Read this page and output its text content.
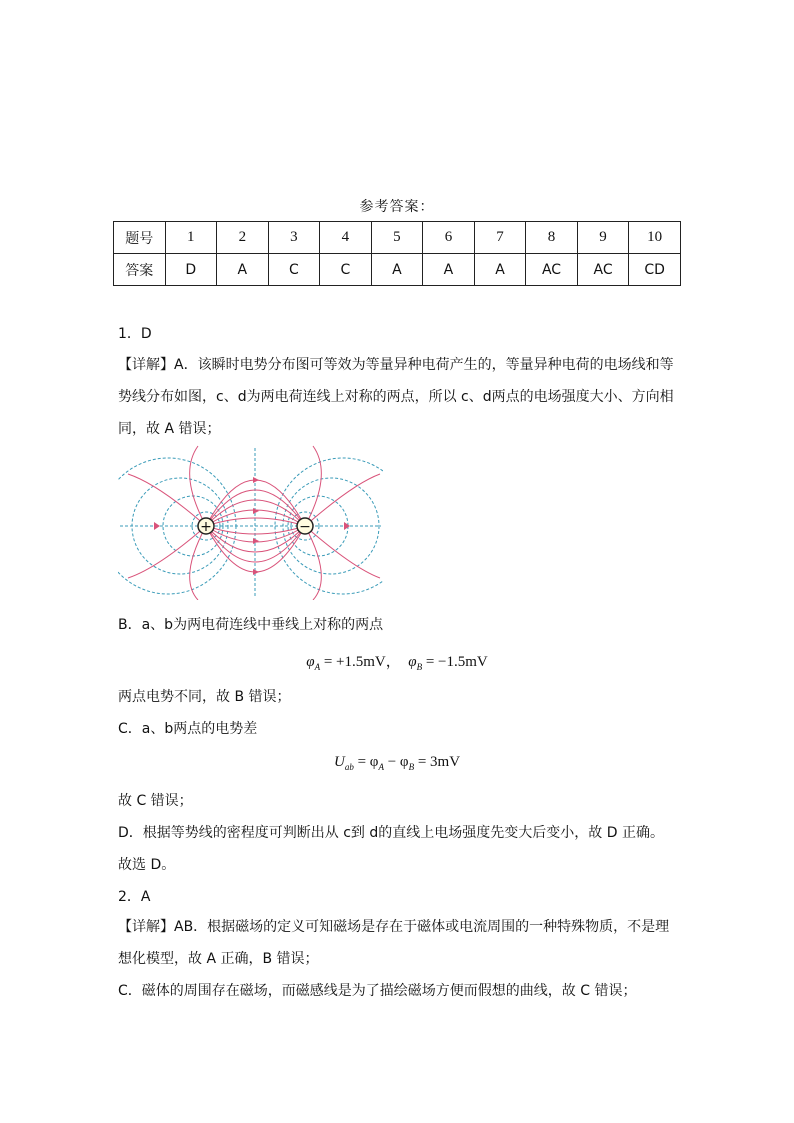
参考答案：
题号	1	2	3	4	5	6	7	8	9	10
答案	D	A	C	C	A	A	A	AC	AC	CD
1．D
【详解】A．该瞬时电势分布图可等效为等量异种电荷产生的，等量异种电荷的电场线和等
势线分布如图，c、d为两电荷连线上对称的两点，所以 c、d两点的电场强度大小、方向相
同，故 A 错误；
+	−
B．a、b为两电荷连线中垂线上对称的两点
$\varphi_A = +1.5mV$， $\varphi_B = -1.5mV$
两点电势不同，故 B 错误；
C．a、b两点的电势差
$U_{ab} = \varphi_A - \varphi_B = 3mV$
故 C 错误；
D．根据等势线的密程度可判断出从 c到 d的直线上电场强度先变大后变小，故 D 正确。
故选 D。
2．A
【详解】AB．根据磁场的定义可知磁场是存在于磁体或电流周围的一种特殊物质，不是理
想化模型，故 A 正确，B 错误；
C．磁体的周围存在磁场，而磁感线是为了描绘磁场方便而假想的曲线，故 C 错误；
